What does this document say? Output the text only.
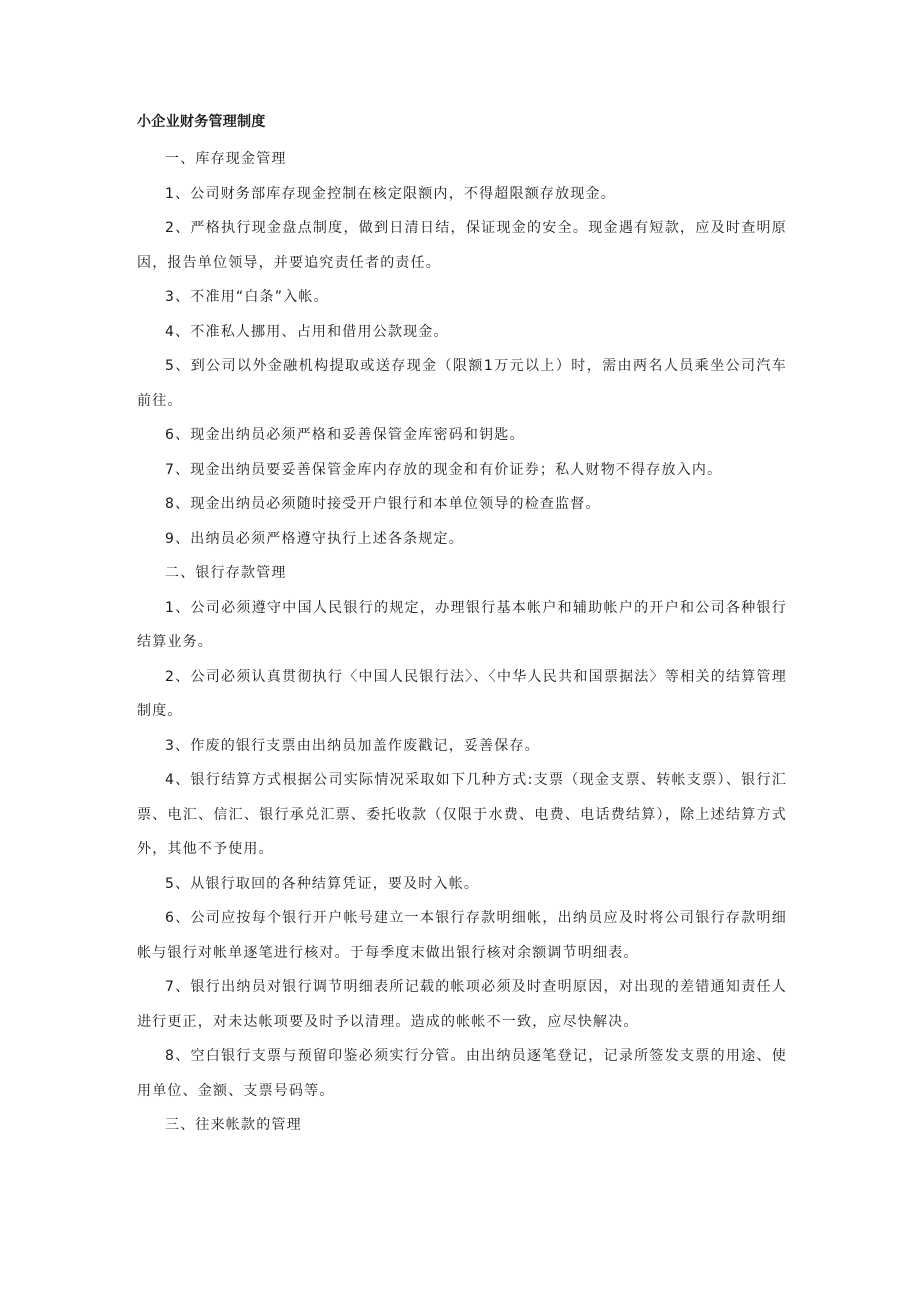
小企业财务管理制度

一、库存现金管理

1、公司财务部库存现金控制在核定限额内，不得超限额存放现金。

2、严格执行现金盘点制度，做到日清日结，保证现金的安全。现金遇有短款，应及时查明原因，报告单位领导，并要追究责任者的责任。

3、不准用“白条”入帐。

4、不准私人挪用、占用和借用公款现金。

5、到公司以外金融机构提取或送存现金（限额1万元以上）时，需由两名人员乘坐公司汽车前往。

6、现金出纳员必须严格和妥善保管金库密码和钥匙。

7、现金出纳员要妥善保管金库内存放的现金和有价证券；私人财物不得存放入内。

8、现金出纳员必须随时接受开户银行和本单位领导的检查监督。

9、出纳员必须严格遵守执行上述各条规定。

二、银行存款管理

1、公司必须遵守中国人民银行的规定，办理银行基本帐户和辅助帐户的开户和公司各种银行结算业务。

2、公司必须认真贯彻执行〈中国人民银行法〉、〈中华人民共和国票据法〉等相关的结算管理制度。

3、作废的银行支票由出纳员加盖作废戳记，妥善保存。

4、银行结算方式根据公司实际情况采取如下几种方式:支票（现金支票、转帐支票）、银行汇票、电汇、信汇、银行承兑汇票、委托收款（仅限于水费、电费、电话费结算），除上述结算方式外，其他不予使用。

5、从银行取回的各种结算凭证，要及时入帐。

6、公司应按每个银行开户帐号建立一本银行存款明细帐，出纳员应及时将公司银行存款明细帐与银行对帐单逐笔进行核对。于每季度末做出银行核对余额调节明细表。

7、银行出纳员对银行调节明细表所记载的帐项必须及时查明原因，对出现的差错通知责任人进行更正，对未达帐项要及时予以清理。造成的帐帐不一致，应尽快解决。

8、空白银行支票与预留印鉴必须实行分管。由出纳员逐笔登记，记录所签发支票的用途、使用单位、金额、支票号码等。

三、往来帐款的管理
